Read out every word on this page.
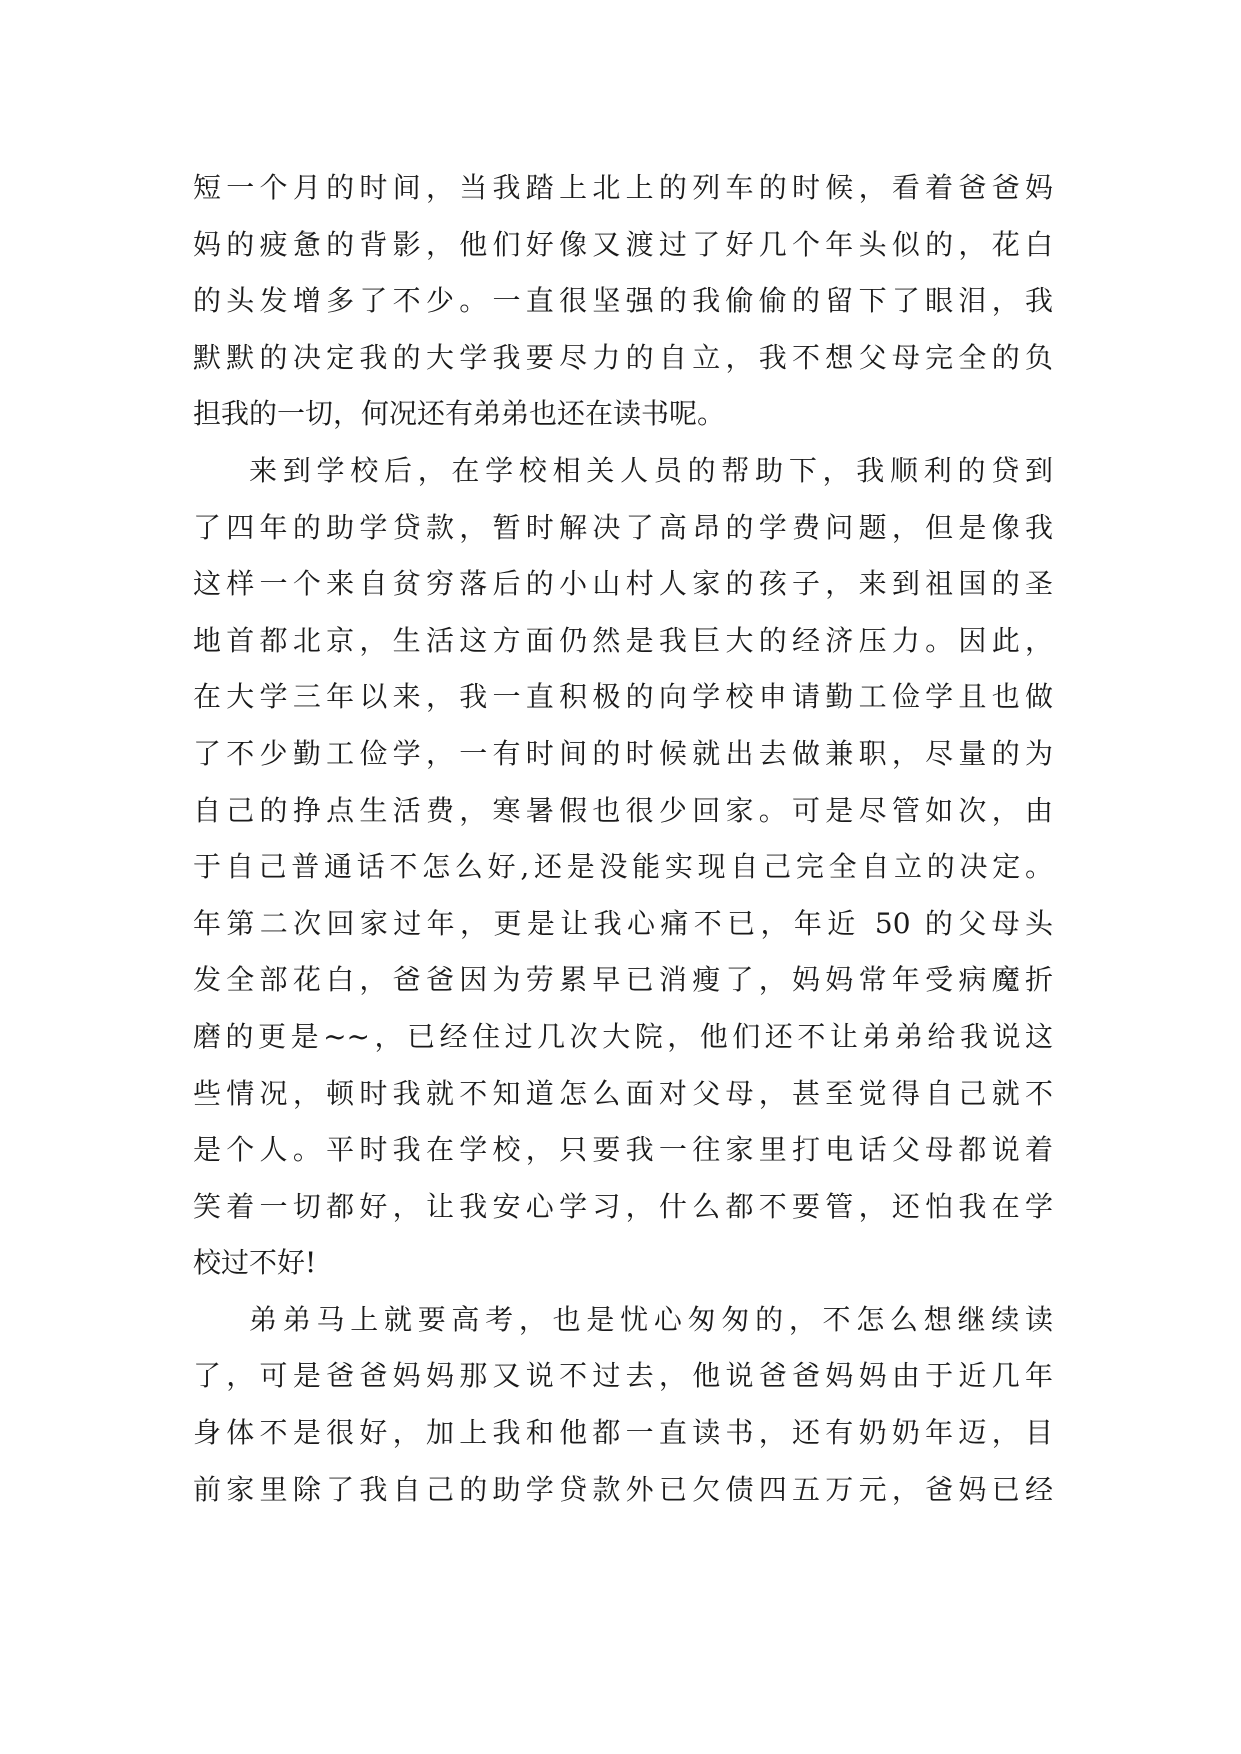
短一个月的时间，当我踏上北上的列车的时候，看着爸爸妈
妈的疲惫的背影，他们好像又渡过了好几个年头似的，花白
的头发增多了不少。一直很坚强的我偷偷的留下了眼泪，我
默默的决定我的大学我要尽力的自立，我不想父母完全的负
担我的一切，何况还有弟弟也还在读书呢。
来到学校后，在学校相关人员的帮助下，我顺利的贷到
了四年的助学贷款，暂时解决了高昂的学费问题，但是像我
这样一个来自贫穷落后的小山村人家的孩子，来到祖国的圣
地首都北京，生活这方面仍然是我巨大的经济压力。因此，
在大学三年以来，我一直积极的向学校申请勤工俭学且也做
了不少勤工俭学，一有时间的时候就出去做兼职，尽量的为
自己的挣点生活费，寒暑假也很少回家。可是尽管如次，由
于自己普通话不怎么好,还是没能实现自己完全自立的决定。
年第二次回家过年，更是让我心痛不已，年近 50 的父母头
发全部花白，爸爸因为劳累早已消瘦了，妈妈常年受病魔折
磨的更是~~，已经住过几次大院，他们还不让弟弟给我说这
些情况，顿时我就不知道怎么面对父母，甚至觉得自己就不
是个人。平时我在学校，只要我一往家里打电话父母都说着
笑着一切都好，让我安心学习，什么都不要管，还怕我在学
校过不好!
弟弟马上就要高考，也是忧心匆匆的，不怎么想继续读
了，可是爸爸妈妈那又说不过去，他说爸爸妈妈由于近几年
身体不是很好，加上我和他都一直读书，还有奶奶年迈，目
前家里除了我自己的助学贷款外已欠债四五万元，爸妈已经
